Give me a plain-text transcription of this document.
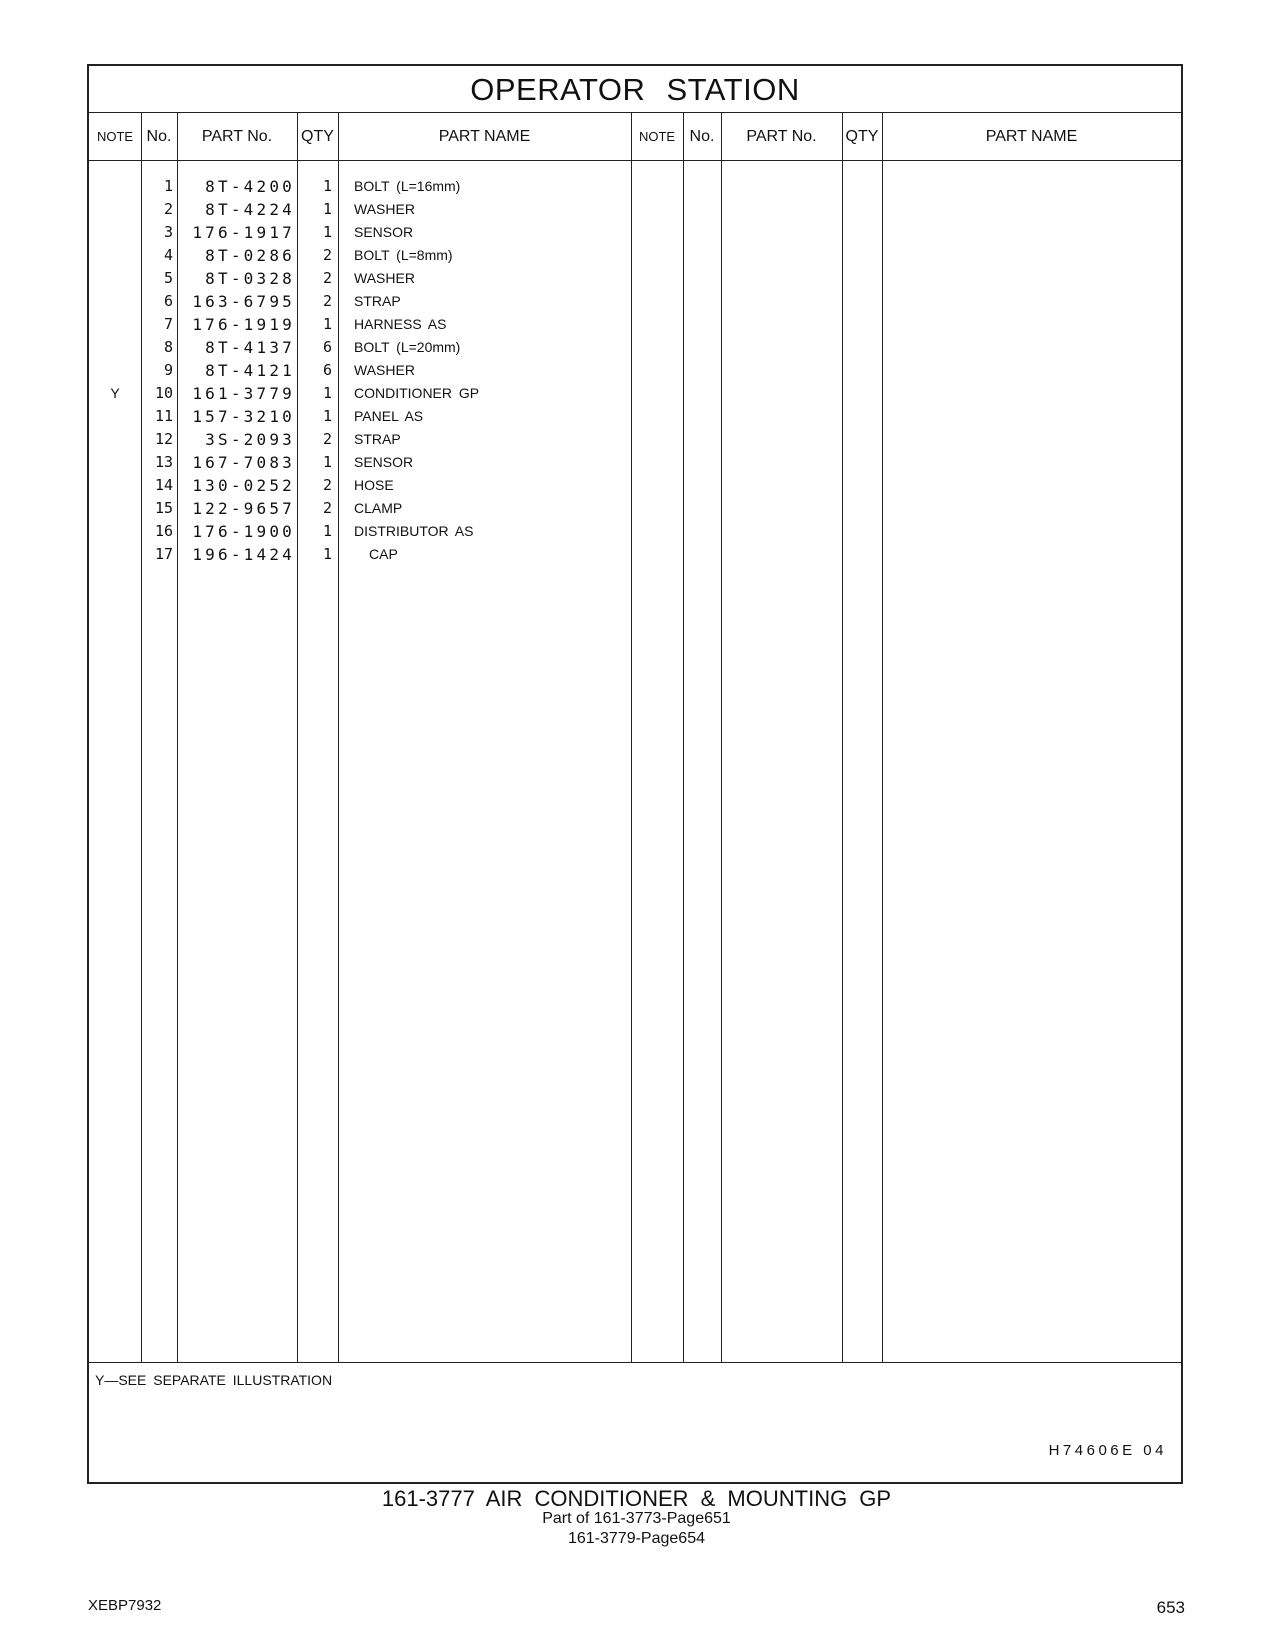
OPERATOR STATION
NOTE No.	PART No.	QTY	PART NAME	NOTE No.	PART No.	QTY	PART NAME
1	8T-4200	1 BOLT (L=16mm)
2	8T-4224	1 WASHER
3	176-1917	1 SENSOR
4	8T-0286	2 BOLT (L=8mm)
5	8T-0328	2 WASHER
6	163-6795	2 STRAP
7	176-1919	1 HARNESS AS
8	8T-4137	6 BOLT (L=20mm)
9	8T-4121	6 WASHER
Y	10	161-3779	1 CONDITIONER GP
11	157-3210	1 PANEL AS
12	3S-2093	2 STRAP
13	167-7083	1 SENSOR
14	130-0252	2 HOSE
15	122-9657	2 CLAMP
16	176-1900	1 DISTRIBUTOR AS
17	196-1424	1	CAP
Y―SEE SEPARATE ILLUSTRATION
H74606E 04
161-3777 AIR CONDITIONER & MOUNTING GP
Part of 161-3773-Page651
161-3779-Page654
XEBP7932	653
